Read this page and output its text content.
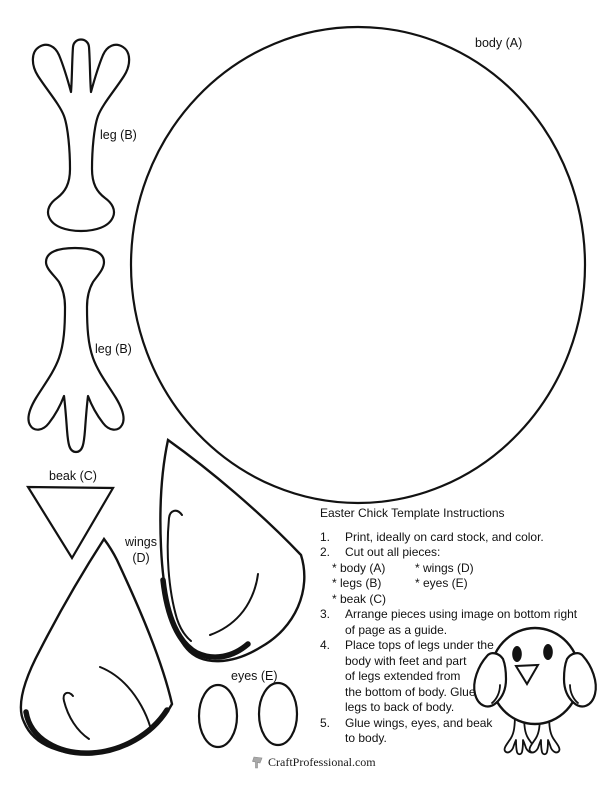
body (A)
leg (B)
leg (B)
beak (C)
wings
(D)
eyes (E)
Easter Chick Template Instructions
1.	Print, ideally on card stock, and color.
2.	Cut out all pieces:
* body (A)	* wings (D)
* legs (B)	* eyes (E)
* beak (C)
3.	Arrange pieces using image on bottom right
of page as a guide.
4.	Place tops of legs under the
body with feet and part
of legs extended from
the bottom of body. Glue
legs to back of body.
5.	Glue wings, eyes, and beak
to body.
CraftProfessional.com
